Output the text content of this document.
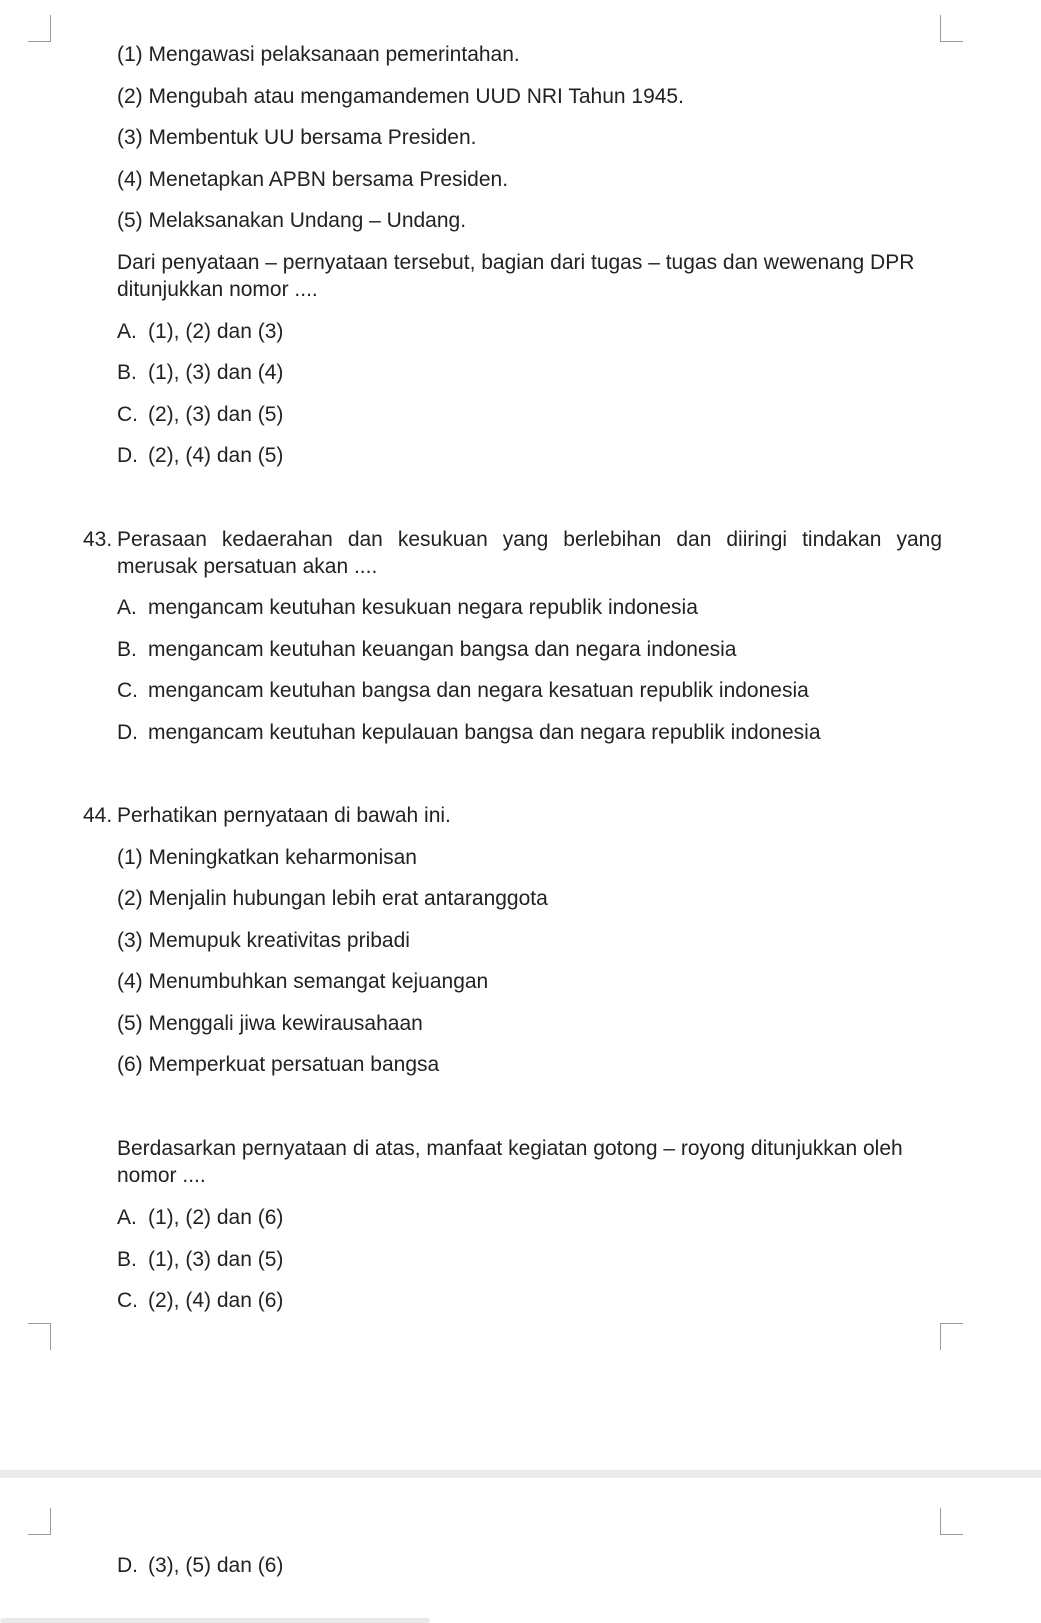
(1) Mengawasi pelaksanaan pemerintahan.
(2) Mengubah atau mengamandemen UUD NRI Tahun 1945.
(3) Membentuk UU bersama Presiden.
(4) Menetapkan APBN bersama Presiden.
(5) Melaksanakan Undang – Undang.
Dari penyataan – pernyataan tersebut, bagian dari tugas – tugas dan wewenang DPR ditunjukkan nomor ....
A. (1), (2) dan (3)
B. (1), (3) dan (4)
C. (2), (3) dan (5)
D. (2), (4) dan (5)
43. Perasaan kedaerahan dan kesukuan yang berlebihan dan diiringi tindakan yang merusak persatuan akan ....
A. mengancam keutuhan kesukuan negara republik indonesia
B. mengancam keutuhan keuangan bangsa dan negara indonesia
C. mengancam keutuhan bangsa dan negara kesatuan republik indonesia
D. mengancam keutuhan kepulauan bangsa dan negara republik indonesia
44. Perhatikan pernyataan di bawah ini.
(1) Meningkatkan keharmonisan
(2) Menjalin hubungan lebih erat antaranggota
(3) Memupuk kreativitas pribadi
(4) Menumbuhkan semangat kejuangan
(5) Menggali jiwa kewirausahaan
(6) Memperkuat persatuan bangsa
Berdasarkan pernyataan di atas, manfaat kegiatan gotong – royong ditunjukkan oleh nomor ....
A. (1), (2) dan (6)
B. (1), (3) dan (5)
C. (2), (4) dan (6)
D. (3), (5) dan (6)
